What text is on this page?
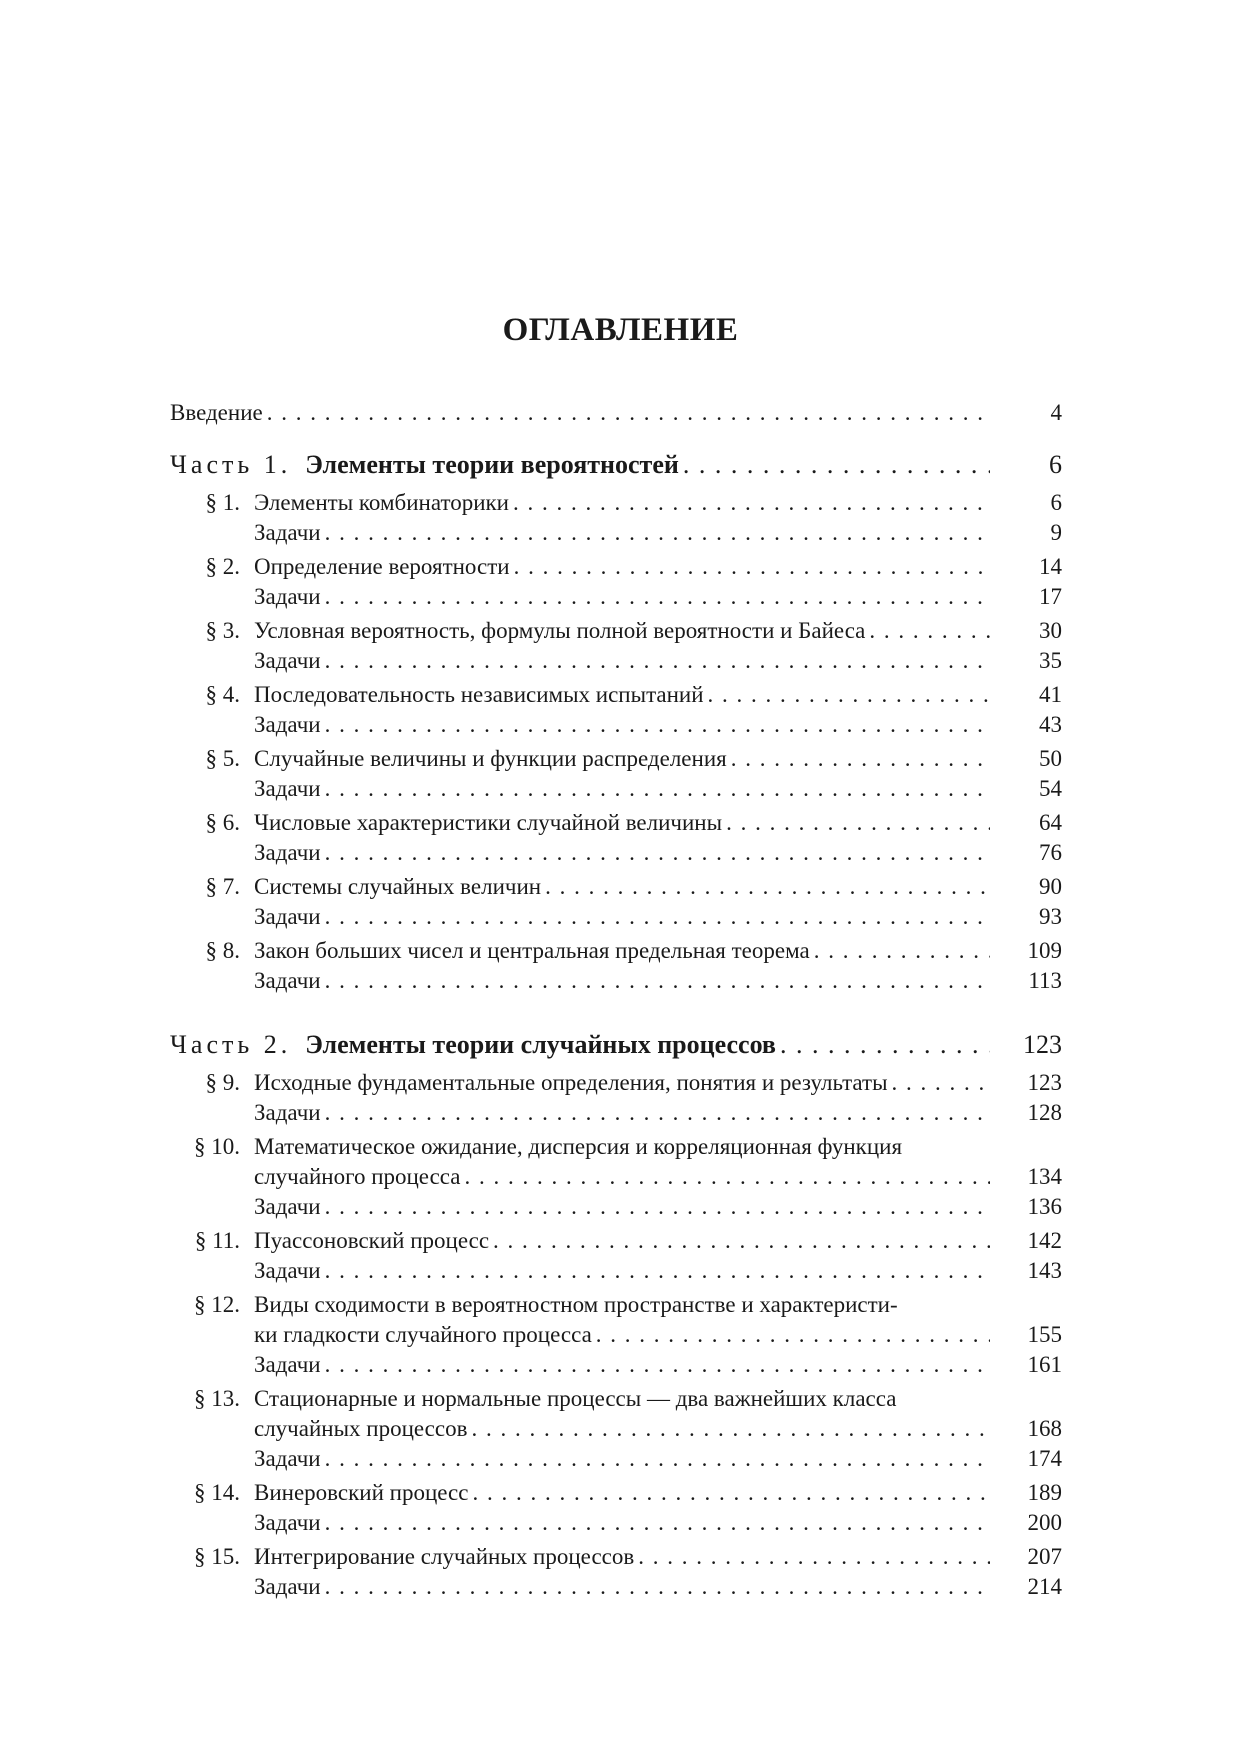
ОГЛАВЛЕНИЕ
Введение . . .	4
Часть 1. Элементы теории вероятностей . . .	6
§ 1. Элементы комбинаторики . . .	6
Задачи . . .	9
§ 2. Определение вероятности . . .	14
Задачи . . .	17
§ 3. Условная вероятность, формулы полной вероятности и Байеса . . .	30
Задачи . . .	35
§ 4. Последовательность независимых испытаний . . .	41
Задачи . . .	43
§ 5. Случайные величины и функции распределения . . .	50
Задачи . . .	54
§ 6. Числовые характеристики случайной величины . . .	64
Задачи . . .	76
§ 7. Системы случайных величин . . .	90
Задачи . . .	93
§ 8. Закон больших чисел и центральная предельная теорема . . .	109
Задачи . . .	113
Часть 2. Элементы теории случайных процессов . . .	123
§ 9. Исходные фундаментальные определения, понятия и результаты . . .	123
Задачи . . .	128
§ 10. Математическое ожидание, дисперсия и корреляционная функция
случайного процесса . . .	134
Задачи . . .	136
§ 11. Пуассоновский процесс . . .	142
Задачи . . .	143
§ 12. Виды сходимости в вероятностном пространстве и характеристи-
ки гладкости случайного процесса . . .	155
Задачи . . .	161
§ 13. Стационарные и нормальные процессы — два важнейших класса
случайных процессов . . .	168
Задачи . . .	174
§ 14. Винеровский процесс . . .	189
Задачи . . .	200
§ 15. Интегрирование случайных процессов . . .	207
Задачи . . .	214
